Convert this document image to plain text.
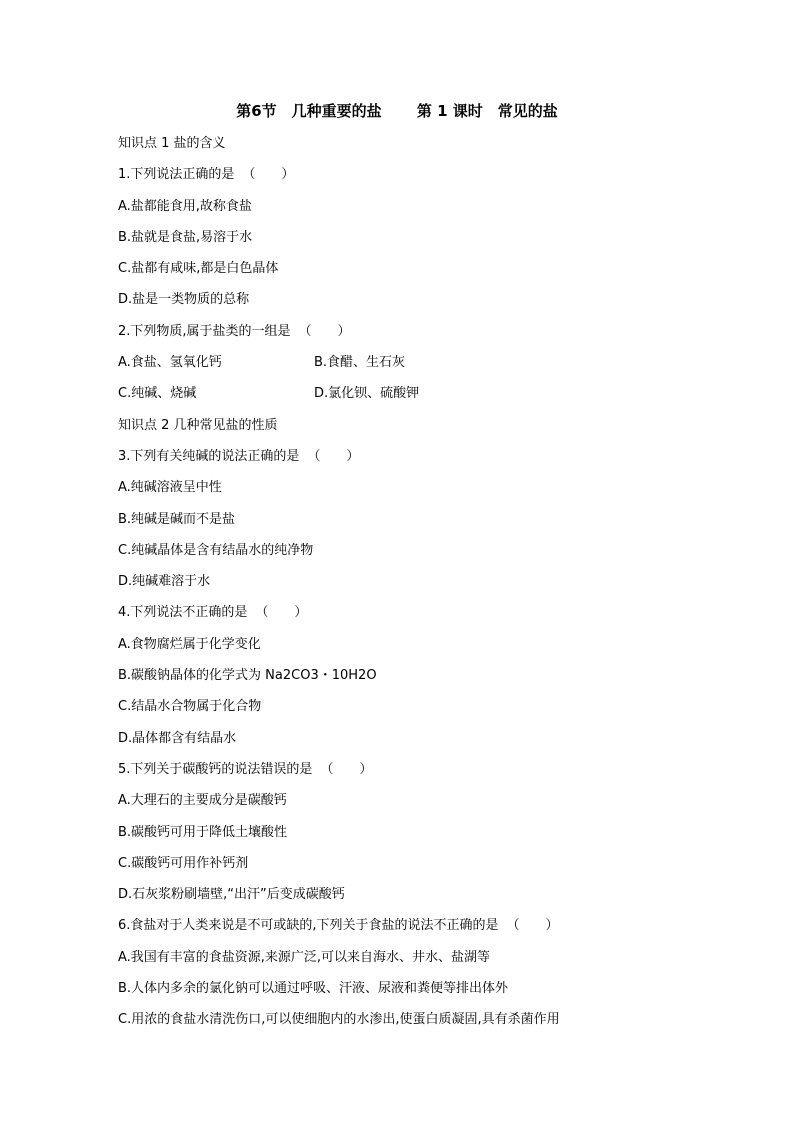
第6节　几种重要的盐　　 第 1 课时　常见的盐
知识点 1 盐的含义
1.下列说法正确的是 （　　）
A.盐都能食用,故称食盐
B.盐就是食盐,易溶于水
C.盐都有咸味,都是白色晶体
D.盐是一类物质的总称
2.下列物质,属于盐类的一组是 （　　）
A.食盐、氢氧化钙	B.食醋、生石灰
C.纯碱、烧碱	D.氯化钡、硫酸钾
知识点 2 几种常见盐的性质
3.下列有关纯碱的说法正确的是 （　　）
A.纯碱溶液呈中性
B.纯碱是碱而不是盐
C.纯碱晶体是含有结晶水的纯净物
D.纯碱难溶于水
4.下列说法不正确的是 （　　）
A.食物腐烂属于化学变化
B.碳酸钠晶体的化学式为 Na2CO3・10H2O
C.结晶水合物属于化合物
D.晶体都含有结晶水
5.下列关于碳酸钙的说法错误的是 （　　）
A.大理石的主要成分是碳酸钙
B.碳酸钙可用于降低土壤酸性
C.碳酸钙可用作补钙剂
D.石灰浆粉刷墙壁,“出汗”后变成碳酸钙
6.食盐对于人类来说是不可或缺的,下列关于食盐的说法不正确的是 （　　）
A.我国有丰富的食盐资源,来源广泛,可以来自海水、井水、盐湖等
B.人体内多余的氯化钠可以通过呼吸、汗液、尿液和粪便等排出体外
C.用浓的食盐水清洗伤口,可以使细胞内的水渗出,使蛋白质凝固,具有杀菌作用
